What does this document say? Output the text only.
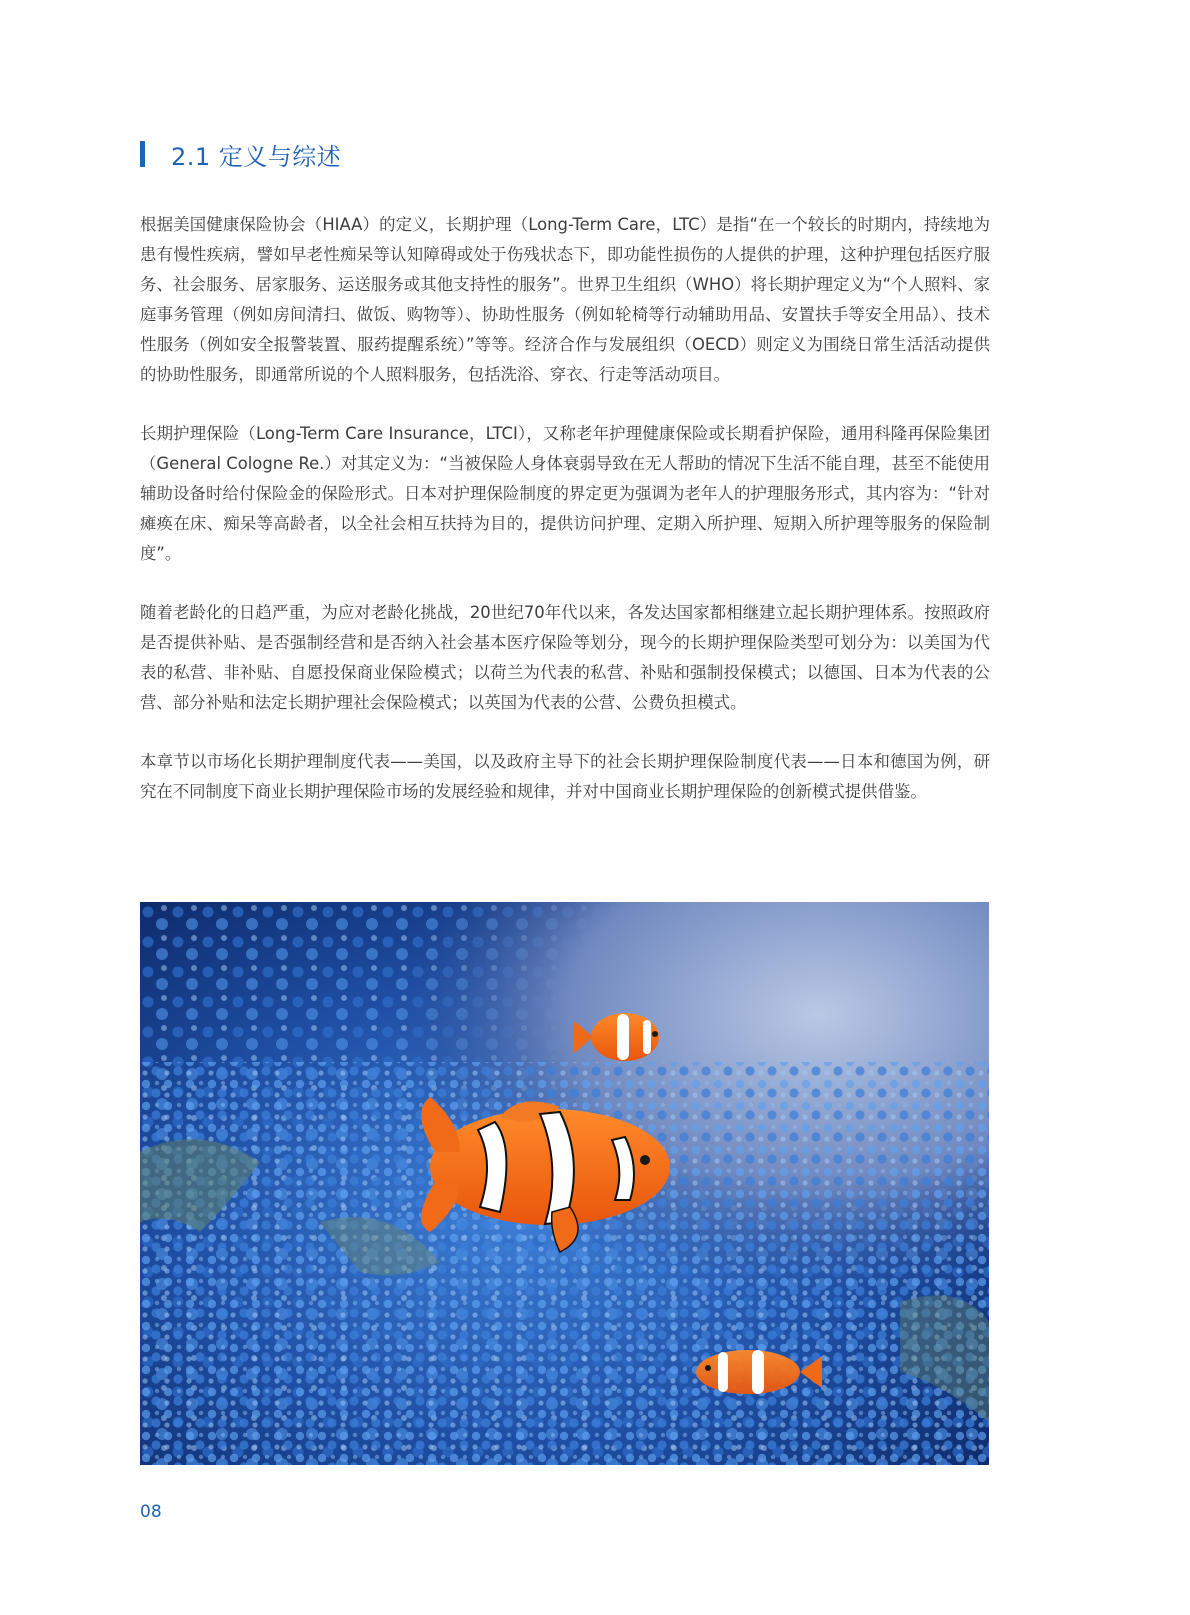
2.1 定义与综述

根据美国健康保险协会（HIAA）的定义，长期护理（Long-Term Care，LTC）是指“在一个较长的时期内，持续地为患有慢性疾病，譬如早老性痴呆等认知障碍或处于伤残状态下，即功能性损伤的人提供的护理，这种护理包括医疗服务、社会服务、居家服务、运送服务或其他支持性的服务”。世界卫生组织（WHO）将长期护理定义为“个人照料、家庭事务管理（例如房间清扫、做饭、购物等）、协助性服务（例如轮椅等行动辅助用品、安置扶手等安全用品）、技术性服务（例如安全报警装置、服药提醒系统）”等等。经济合作与发展组织（OECD）则定义为围绕日常生活活动提供的协助性服务，即通常所说的个人照料服务，包括洗浴、穿衣、行走等活动项目。

长期护理保险（Long-Term Care Insurance，LTCI），又称老年护理健康保险或长期看护保险，通用科隆再保险集团（General Cologne Re.）对其定义为：“当被保险人身体衰弱导致在无人帮助的情况下生活不能自理，甚至不能使用辅助设备时给付保险金的保险形式。日本对护理保险制度的界定更为强调为老年人的护理服务形式，其内容为：“针对瘫痪在床、痴呆等高龄者，以全社会相互扶持为目的，提供访问护理、定期入所护理、短期入所护理等服务的保险制度”。

随着老龄化的日趋严重，为应对老龄化挑战，20世纪70年代以来，各发达国家都相继建立起长期护理体系。按照政府是否提供补贴、是否强制经营和是否纳入社会基本医疗保险等划分，现今的长期护理保险类型可划分为：以美国为代表的私营、非补贴、自愿投保商业保险模式；以荷兰为代表的私营、补贴和强制投保模式；以德国、日本为代表的公营、部分补贴和法定长期护理社会保险模式；以英国为代表的公营、公费负担模式。

本章节以市场化长期护理制度代表——美国，以及政府主导下的社会长期护理保险制度代表——日本和德国为例，研究在不同制度下商业长期护理保险市场的发展经验和规律，并对中国商业长期护理保险的创新模式提供借鉴。

08
